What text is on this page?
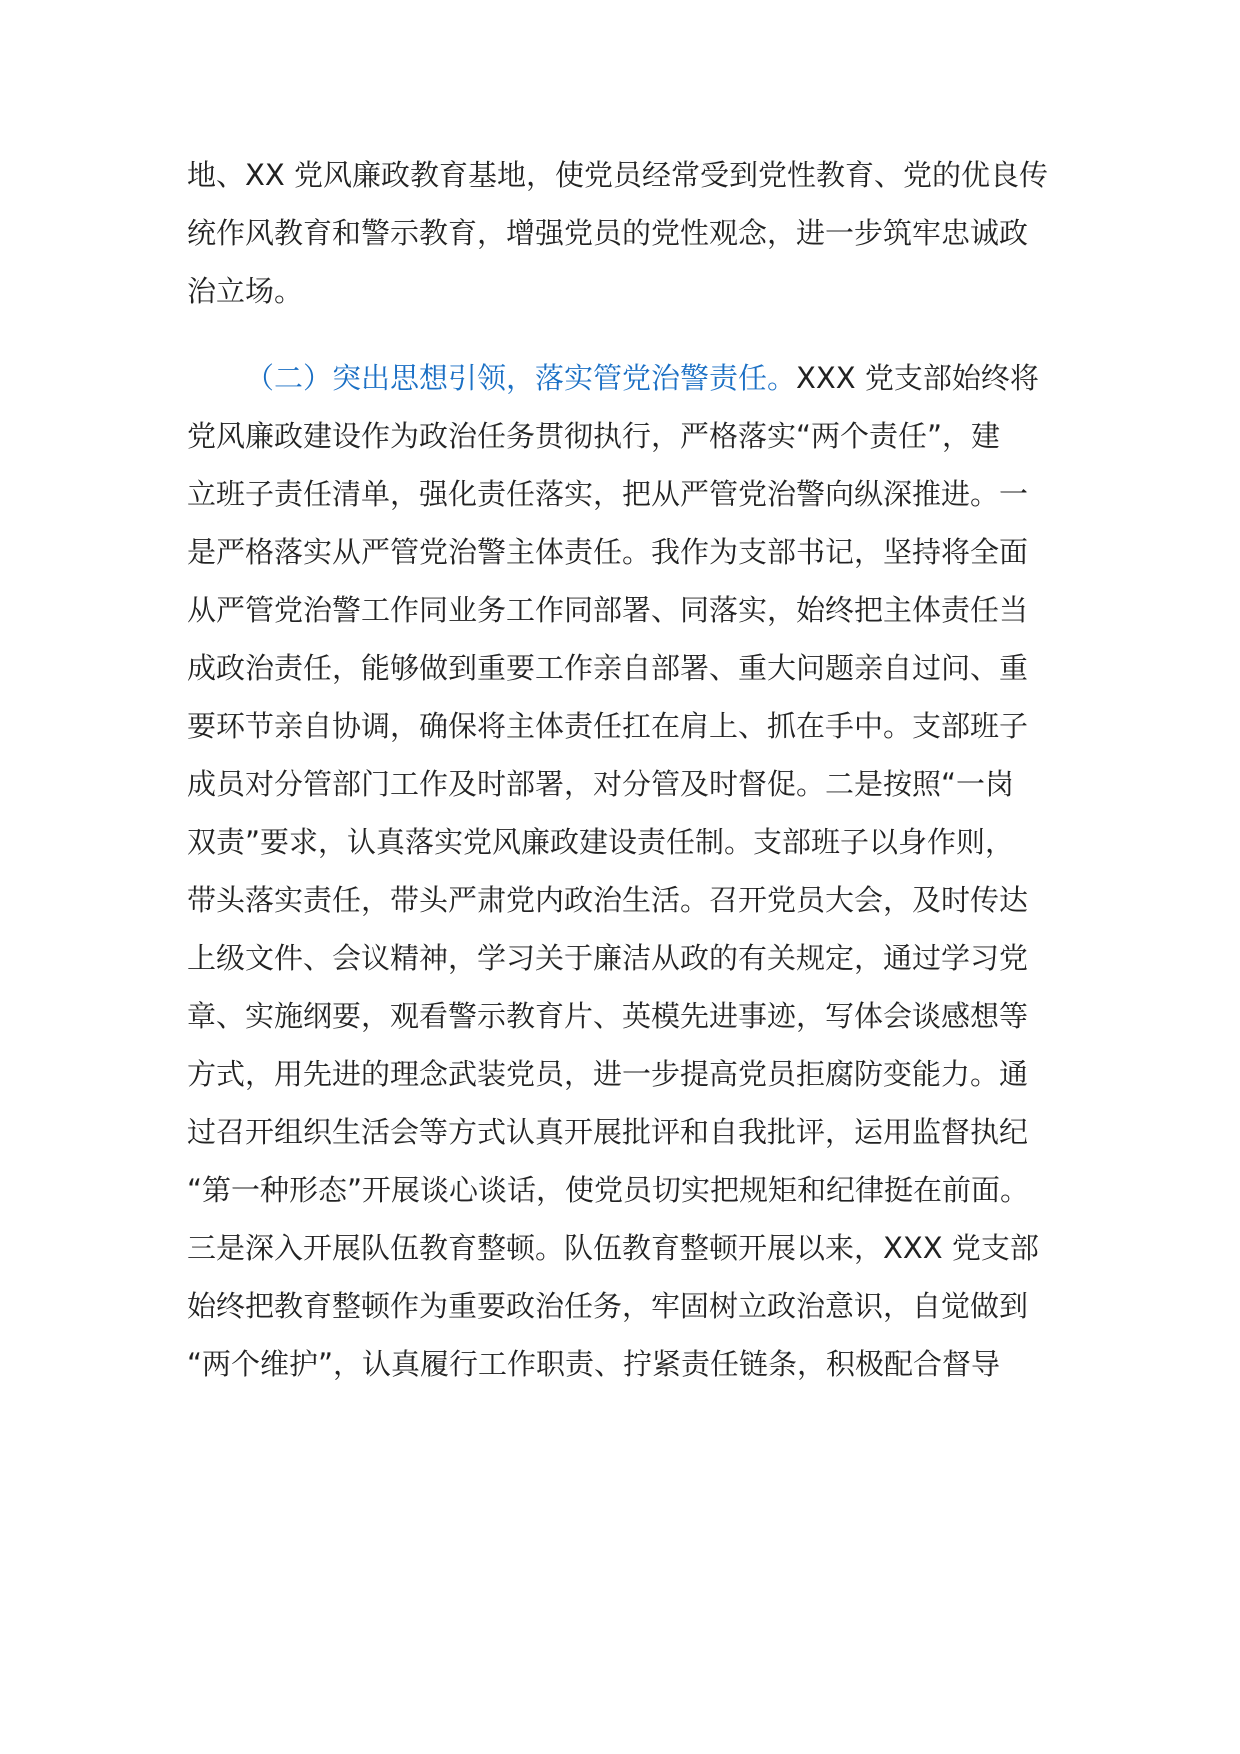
地、XX 党风廉政教育基地，使党员经常受到党性教育、党的优良传
统作风教育和警示教育，增强党员的党性观念，进一步筑牢忠诚政
治立场。
（二）突出思想引领，落实管党治警责任。XXX 党支部始终将
党风廉政建设作为政治任务贯彻执行，严格落实“两个责任”，建
立班子责任清单，强化责任落实，把从严管党治警向纵深推进。一
是严格落实从严管党治警主体责任。我作为支部书记，坚持将全面
从严管党治警工作同业务工作同部署、同落实，始终把主体责任当
成政治责任，能够做到重要工作亲自部署、重大问题亲自过问、重
要环节亲自协调，确保将主体责任扛在肩上、抓在手中。支部班子
成员对分管部门工作及时部署，对分管及时督促。二是按照“一岗
双责”要求，认真落实党风廉政建设责任制。支部班子以身作则，
带头落实责任，带头严肃党内政治生活。召开党员大会，及时传达
上级文件、会议精神，学习关于廉洁从政的有关规定，通过学习党
章、实施纲要，观看警示教育片、英模先进事迹，写体会谈感想等
方式，用先进的理念武装党员，进一步提高党员拒腐防变能力。通
过召开组织生活会等方式认真开展批评和自我批评，运用监督执纪
“第一种形态”开展谈心谈话，使党员切实把规矩和纪律挺在前面。
三是深入开展队伍教育整顿。队伍教育整顿开展以来，XXX 党支部
始终把教育整顿作为重要政治任务，牢固树立政治意识，自觉做到
“两个维护”，认真履行工作职责、拧紧责任链条，积极配合督导
